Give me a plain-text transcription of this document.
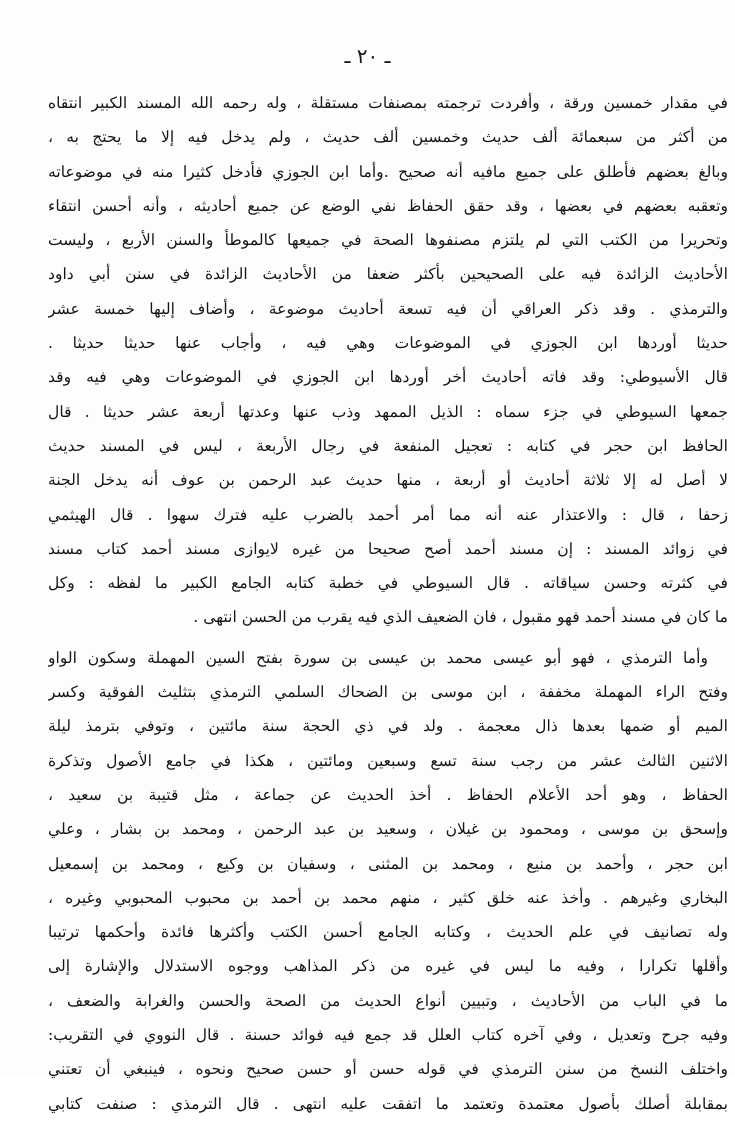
ـ ٢٠ ـ
في مقدار خمسين ورقة ، وأفردت ترجمته بمصنفات مستقلة ، وله رحمه الله المسند الكبير انتقاه
من أكثر من سبعمائة ألف حديث وخمسين ألف حديث ، ولم يدخل فيه إلا ما يحتج به ،
وبالغ بعضهم فأطلق على جميع مافيه أنه صحيح .وأما ابن الجوزي فأدخل كثيرا منه في موضوعاته
وتعقبه بعضهم في بعضها ، وقد حقق الحفاظ نفي الوضع عن جميع أحاديثه ، وأنه أحسن انتقاء
وتحريرا من الكتب التي لم يلتزم مصنفوها الصحة في جميعها كالموطأ والسنن الأربع ، وليست
الأحاديث الزائدة فيه على الصحيحين بأكثر ضعفا من الأحاديث الزائدة في سنن أبي داود
والترمذي . وقد ذكر العراقي أن فيه تسعة أحاديث موضوعة ، وأضاف إليها خمسة عشر
حديثا أوردها ابن الجوزي في الموضوعات وهي فيه ، وأجاب عنها حديثا حديثا .
قال الأسيوطي: وقد فاته أحاديث أخر أوردها ابن الجوزي في الموضوعات وهي فيه وقد
جمعها السيوطي في جزء سماه : الذيل الممهد وذب عنها وعدتها أربعة عشر حديثا . قال
الحافظ ابن حجر في كتابه : تعجيل المنفعة في رجال الأربعة ، ليس في المسند حديث
لا أصل له إلا ثلاثة أحاديث أو أربعة ، منها حديث عبد الرحمن بن عوف أنه يدخل الجنة
زحفا ، قال : والاعتذار عنه أنه مما أمر أحمد بالضرب عليه فترك سهوا . قال الهيثمي
في زوائد المسند : إن مسند أحمد أصح صحيحا من غيره لايوازى مسند أحمد كتاب مسند
في كثرته وحسن سياقاته . قال السيوطي في خطبة كتابه الجامع الكبير ما لفظه : وكل
ما كان في مسند أحمد فهو مقبول ، فان الضعيف الذي فيه يقرب من الحسن انتهى .
وأما الترمذي ، فهو أبو عيسى محمد بن عيسى بن سورة بفتح السين المهملة وسكون الواو
وفتح الراء المهملة مخففة ، ابن موسى بن الضحاك السلمي الترمذي بتثليث الفوقية وكسر
الميم أو ضمها بعدها ذال معجمة . ولد في ذي الحجة سنة مائتين ، وتوفي بترمذ ليلة
الاثنين الثالث عشر من رجب سنة تسع وسبعين ومائتين ، هكذا في جامع الأصول وتذكرة
الحفاظ ، وهو أحد الأعلام الحفاظ . أخذ الحديث عن جماعة ، مثل قتيبة بن سعيد ،
وإسحق بن موسى ، ومحمود بن غيلان ، وسعيد بن عبد الرحمن ، ومحمد بن بشار ، وعلي
ابن حجر ، وأحمد بن منيع ، ومحمد بن المثنى ، وسفيان بن وكيع ، ومحمد بن إسمعيل
البخاري وغيرهم . وأخذ عنه خلق كثير ، منهم محمد بن أحمد بن محبوب المحبوبي وغيره ،
وله تصانيف في علم الحديث ، وكتابه الجامع أحسن الكتب وأكثرها فائدة وأحكمها ترتيبا
وأقلها تكرارا ، وفيه ما ليس في غيره من ذكر المذاهب ووجوه الاستدلال والإشارة إلى
ما في الباب من الأحاديث ، وتبيين أنواع الحديث من الصحة والحسن والغرابة والضعف ،
وفيه جرح وتعديل ، وفي آخره كتاب العلل قد جمع فيه فوائد حسنة . قال النووي في التقريب:
واختلف النسخ من سنن الترمذي في قوله حسن أو حسن صحيح ونحوه ، فينبغي أن تعتني
بمقابلة أصلك بأصول معتمدة وتعتمد ما اتفقت عليه انتهى . قال الترمذي : صنفت كتابي
